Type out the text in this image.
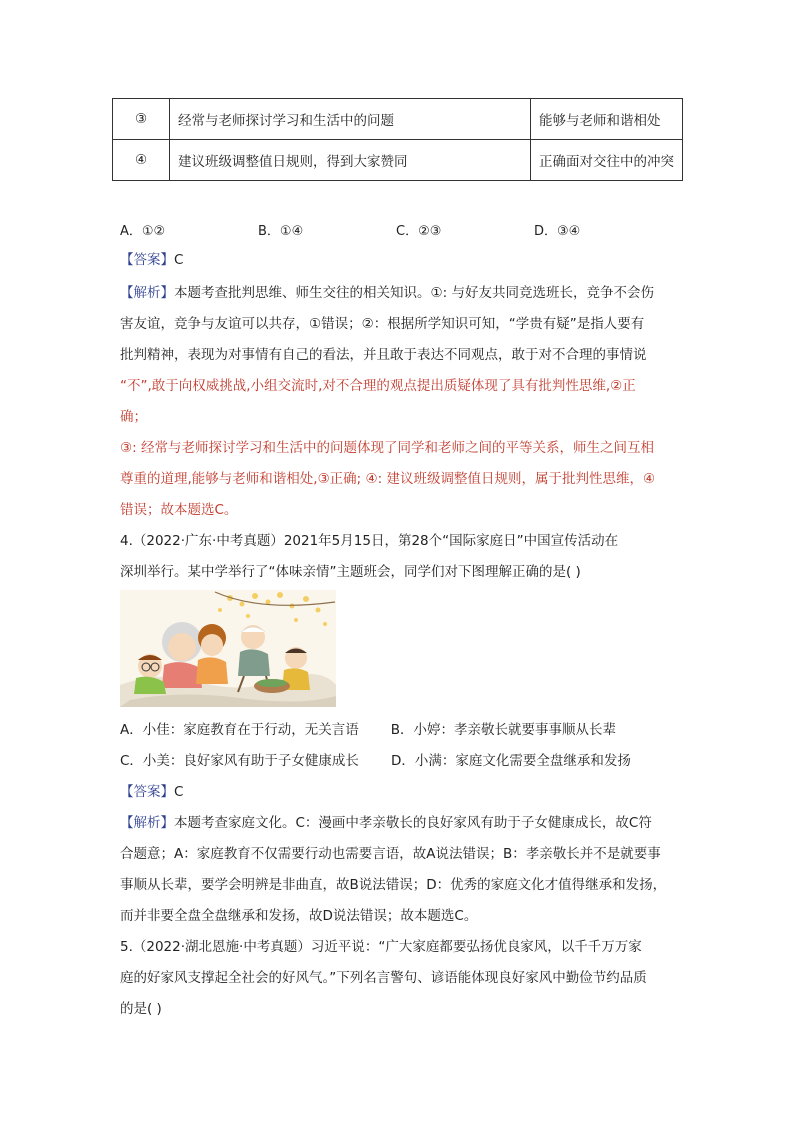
③	经常与老师探讨学习和生活中的问题	能够与老师和谐相处
④	建议班级调整值日规则，得到大家赞同	正确面对交往中的冲突
A．①②	B．①④	C．②③	D．③④
【答案】C
【解析】本题考查批判思维、师生交往的相关知识。①: 与好友共同竞选班长，竞争不会伤
害友谊，竞争与友谊可以共存，①错误；②：根据所学知识可知，“学贵有疑”是指人要有
批判精神，表现为对事情有自己的看法，并且敢于表达不同观点，敢于对不合理的事情说
“不”,敢于向权威挑战,小组交流时,对不合理的观点提出质疑体现了具有批判性思维,②正
确；
③: 经常与老师探讨学习和生活中的问题体现了同学和老师之间的平等关系，师生之间互相
尊重的道理,能够与老师和谐相处,③正确; ④: 建议班级调整值日规则，属于批判性思维，④
错误；故本题选C。
4.（2022·广东·中考真题）2021年5月15日，第28个“国际家庭日”中国宣传活动在
深圳举行。某中学举行了“体味亲情”主题班会，同学们对下图理解正确的是( )
A．小佳：家庭教育在于行动，无关言语 B．小婷：孝亲敬长就要事事顺从长辈
C．小美：良好家风有助于子女健康成长 D．小满：家庭文化需要全盘继承和发扬
【答案】C
【解析】本题考查家庭文化。C：漫画中孝亲敬长的良好家风有助于子女健康成长，故C符
合题意；A：家庭教育不仅需要行动也需要言语，故A说法错误；B：孝亲敬长并不是就要事
事顺从长辈，要学会明辨是非曲直，故B说法错误；D：优秀的家庭文化才值得继承和发扬，
而并非要全盘全盘继承和发扬，故D说法错误；故本题选C。
5.（2022·湖北恩施·中考真题）习近平说：“广大家庭都要弘扬优良家风，以千千万万家
庭的好家风支撑起全社会的好风气。”下列名言警句、谚语能体现良好家风中勤俭节约品质
的是( )
